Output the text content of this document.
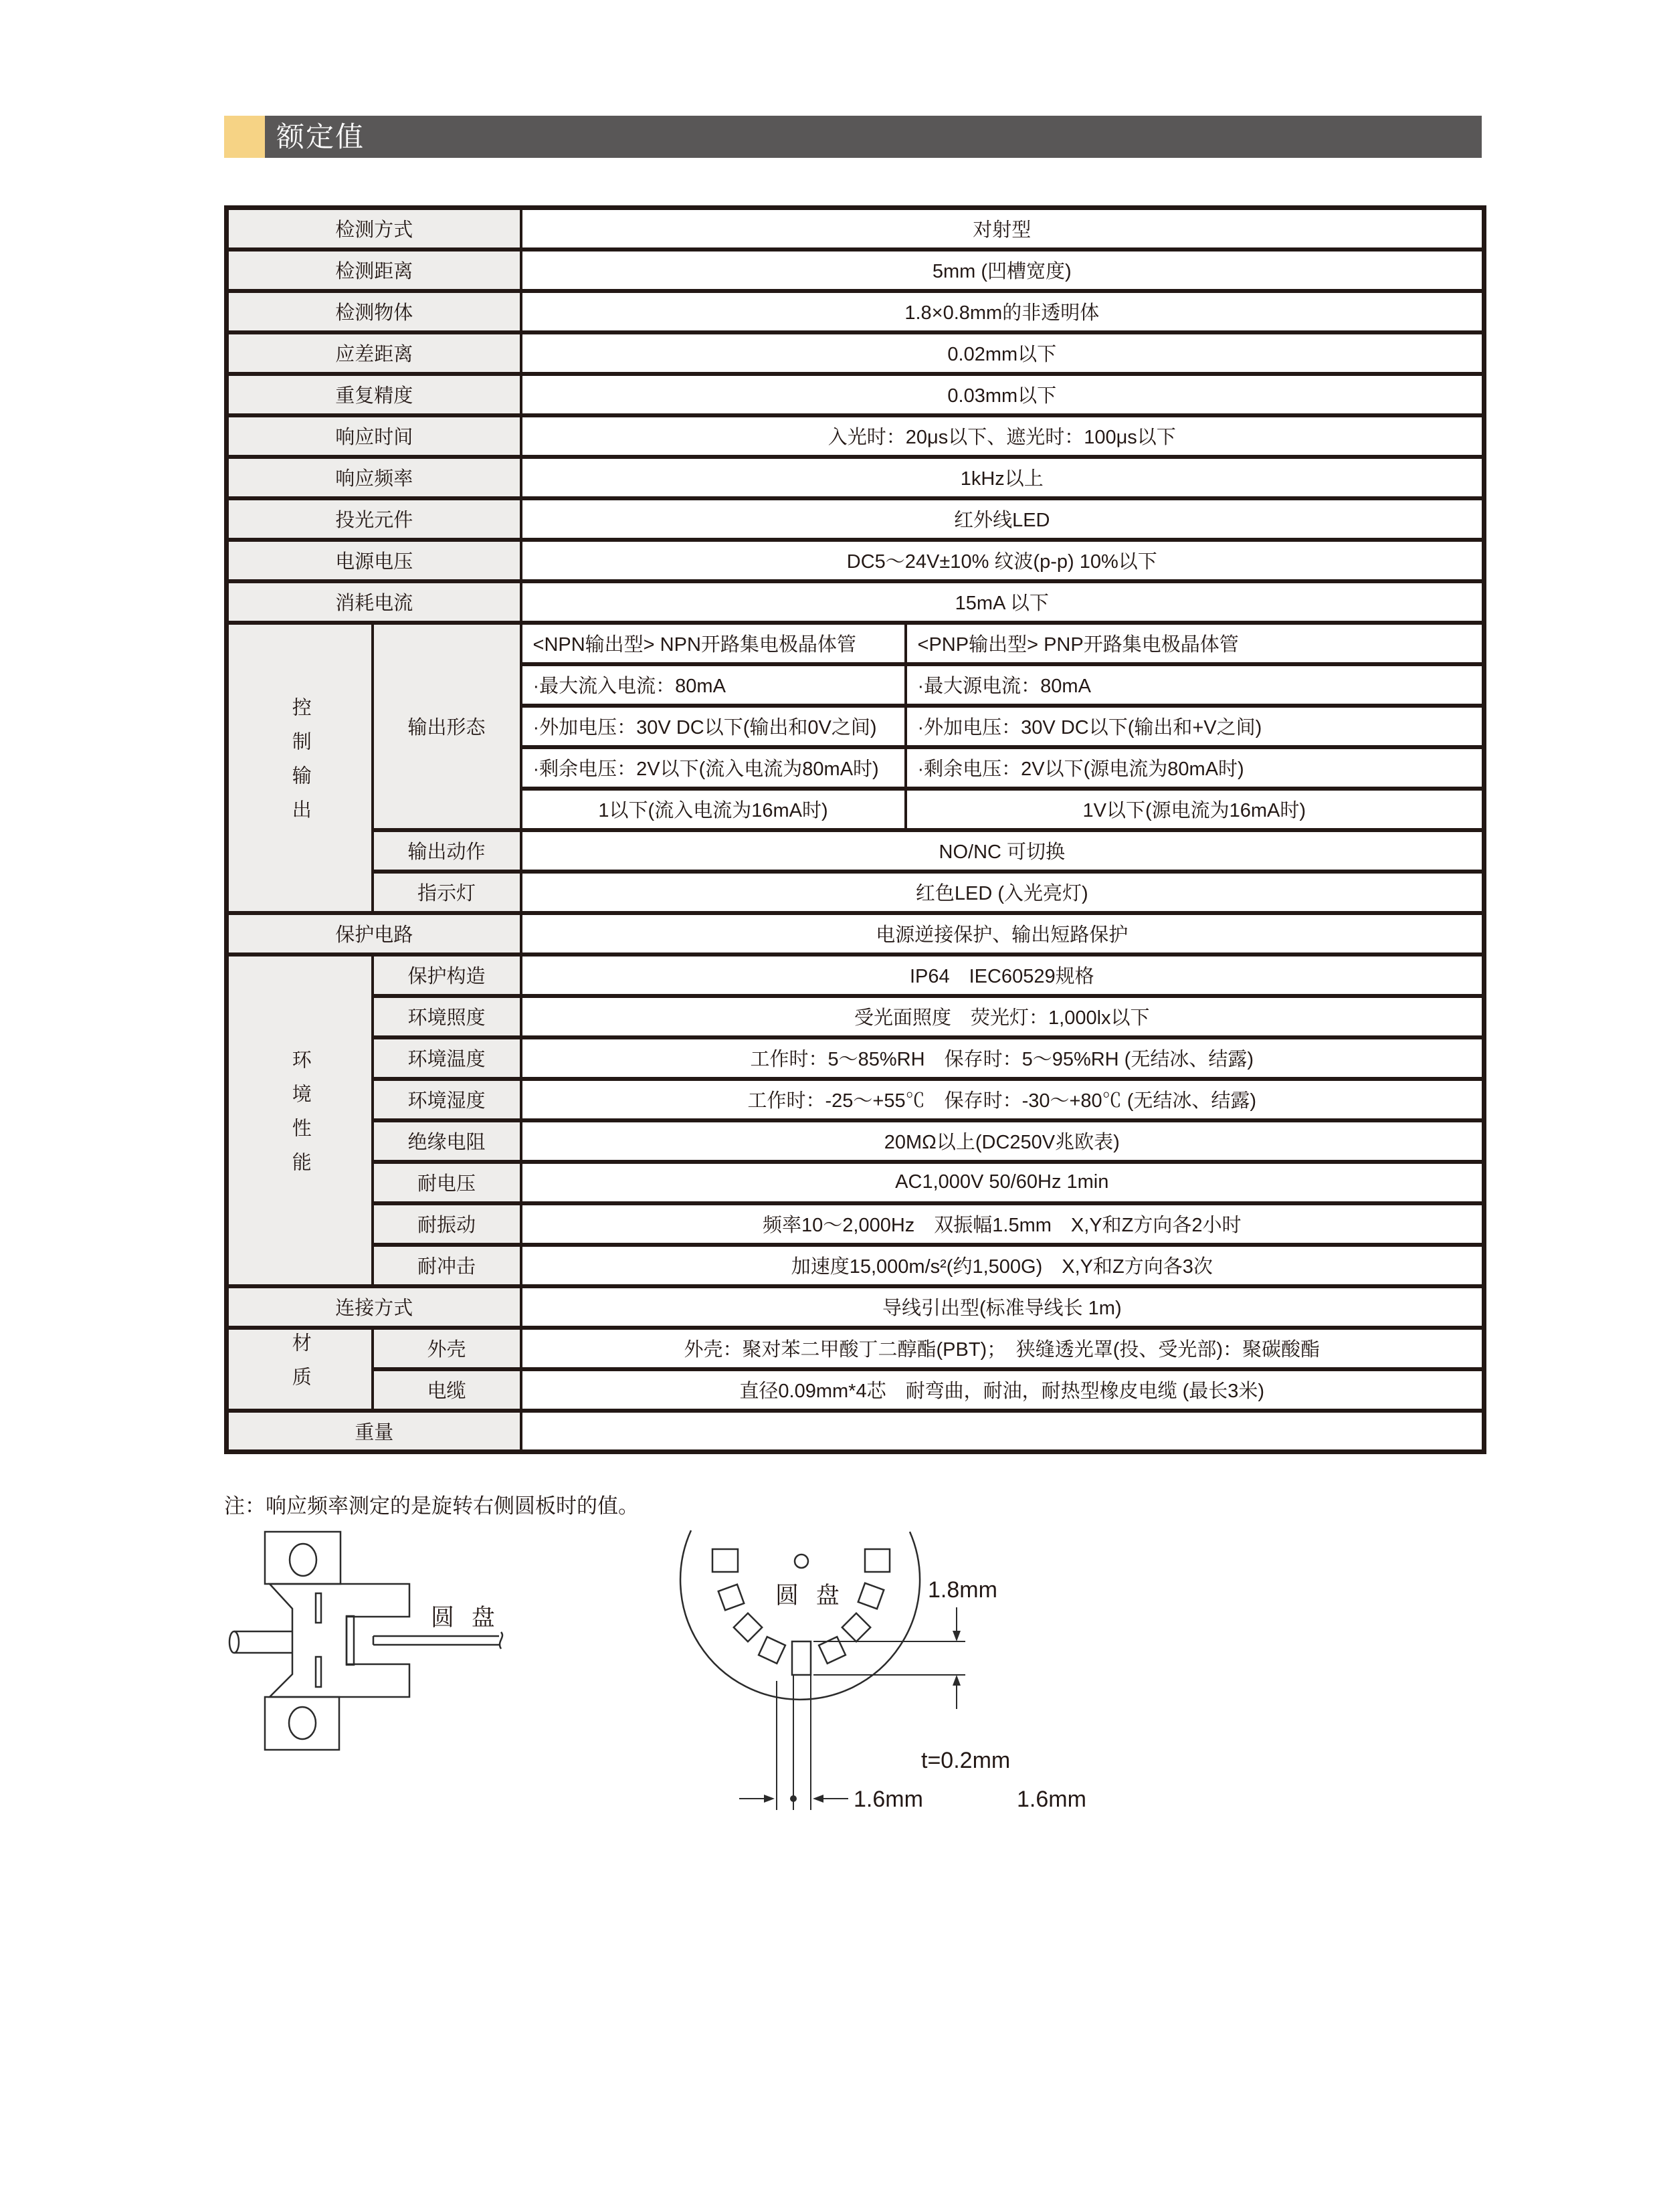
额定值
检测方式		对射型	
检测距离		5mm (凹槽宽度)	
检测物体		1.8×0.8mm的非透明体	
应差距离		0.02mm以下	
重复精度		0.03mm以下	
响应时间		入光时：20μs以下、遮光时：100μs以下	
响应频率		1kHz以上	
投光元件		红外线LED	
电源电压		DC5～24V±10% 纹波(p-p) 10%以下	
消耗电流		15mA 以下	
控制输出	输出形态	<NPN输出型> NPN开路集电极晶体管	<PNP输出型> PNP开路集电极晶体管
		·最大流入电流：80mA	·最大源电流：80mA
		·外加电压：30V DC以下(输出和0V之间)	·外加电压：30V DC以下(输出和+V之间)
		·剩余电压：2V以下(流入电流为80mA时)	·剩余电压：2V以下(源电流为80mA时)
		1以下(流入电流为16mA时)	1V以下(源电流为16mA时)
	输出动作	NO/NC 可切换	
	指示灯	红色LED (入光亮灯)	
保护电路		电源逆接保护、输出短路保护	
环境性能	保护构造	IP64　IEC60529规格	
	环境照度	受光面照度　荧光灯：1,000lx以下	
	环境温度	工作时：5～85%RH　保存时：5～95%RH (无结冰、结露)	
	环境湿度	工作时：-25～+55℃　保存时：-30～+80℃ (无结冰、结露)	
	绝缘电阻	20MΩ以上(DC250V兆欧表)	
	耐电压	AC1,000V 50/60Hz 1min	
	耐振动	频率10～2,000Hz　双振幅1.5mm　X,Y和Z方向各2小时	
	耐冲击	加速度15,000m/s²(约1,500G)　X,Y和Z方向各3次	
连接方式		导线引出型(标准导线长 1m)	
材质	外壳	外壳：聚对苯二甲酸丁二醇酯(PBT)；　狭缝透光罩(投、受光部)：聚碳酸酯	
	电缆	直径0.09mm*4芯　耐弯曲，耐油，耐热型橡皮电缆 (最长3米)	
重量			
注：响应频率测定的是旋转右侧圆板时的值。
圆 盘
圆 盘	1.8mm
t=0.2mm
1.6mm	1.6mm
